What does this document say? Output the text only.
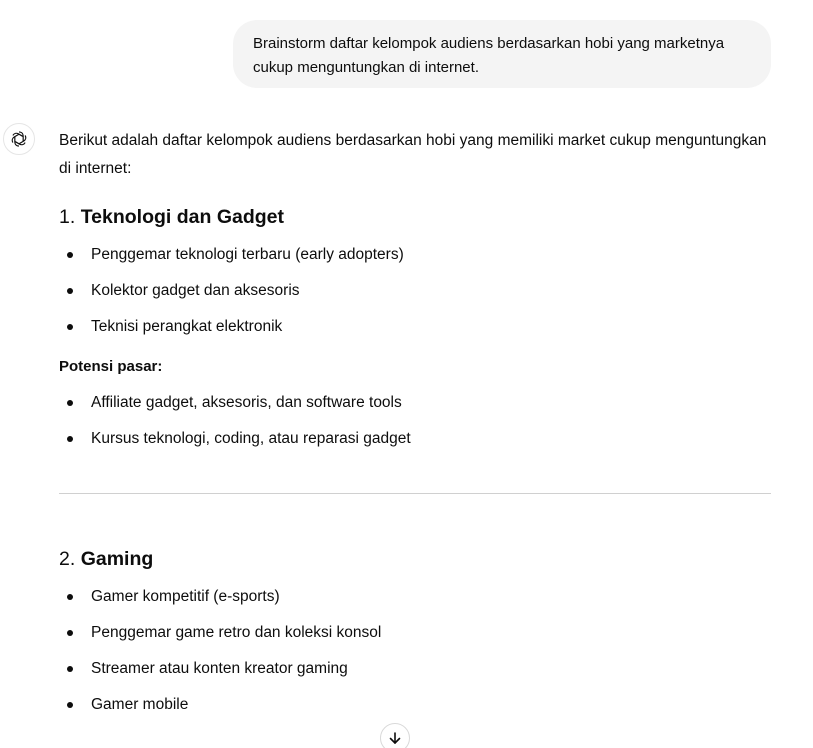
Brainstorm daftar kelompok audiens berdasarkan hobi yang marketnya cukup menguntungkan di internet.

Berikut adalah daftar kelompok audiens berdasarkan hobi yang memiliki market cukup menguntungkan di internet:

1. Teknologi dan Gadget
Penggemar teknologi terbaru (early adopters)
Kolektor gadget dan aksesoris
Teknisi perangkat elektronik

Potensi pasar:

Affiliate gadget, aksesoris, dan software tools
Kursus teknologi, coding, atau reparasi gadget
2. Gaming
Gamer kompetitif (e-sports)
Penggemar game retro dan koleksi konsol
Streamer atau konten kreator gaming
Gamer mobile
